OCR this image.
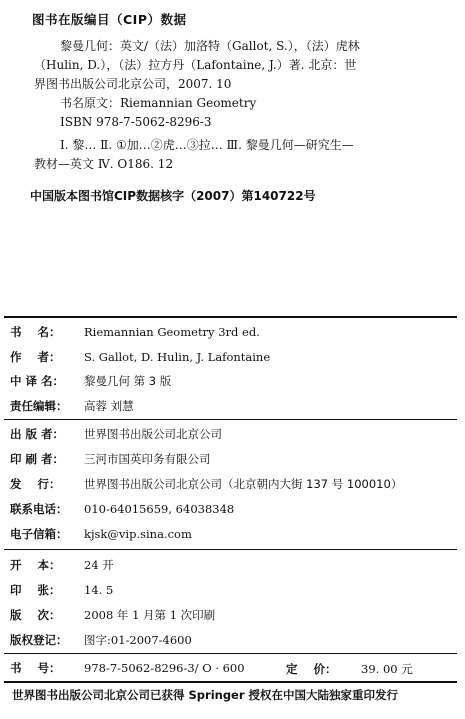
图书在版编目（CIP）数据

黎曼几何：英文/（法）加洛特（Gallot, S.），（法）虎林
（Hulin, D.），（法）拉方丹（Lafontaine, J.）著. 北京：世
界图书出版公司北京公司，2007. 10
书名原文：Riemannian Geometry
ISBN 978-7-5062-8296-3

Ⅰ. 黎… Ⅱ. ①加…②虎…③拉… Ⅲ. 黎曼几何—研究生—
教材—英文 Ⅳ. O186. 12

中国版本图书馆CIP数据核字（2007）第140722号
书    名：	Riemannian Geometry 3rd ed.
作    者：	S. Gallot, D. Hulin, J. Lafontaine
中 译 名：	黎曼几何 第 3 版
责任编辑：	高蓉 刘慧
出 版 者：	世界图书出版公司北京公司
印 刷 者：	三河市国英印务有限公司
发    行：	世界图书出版公司北京公司（北京朝内大街 137 号 100010）
联系电话：	010-64015659, 64038348
电子信箱：	kjsk@vip.sina.com
开    本：	24 开
印    张：	14. 5
版    次：	2008 年 1 月第 1 次印刷
版权登记：	图字:01-2007-4600
书    号：	978-7-5062-8296-3/ O · 600	定    价： 39. 00 元
世界图书出版公司北京公司已获得 Springer 授权在中国大陆独家重印发行
